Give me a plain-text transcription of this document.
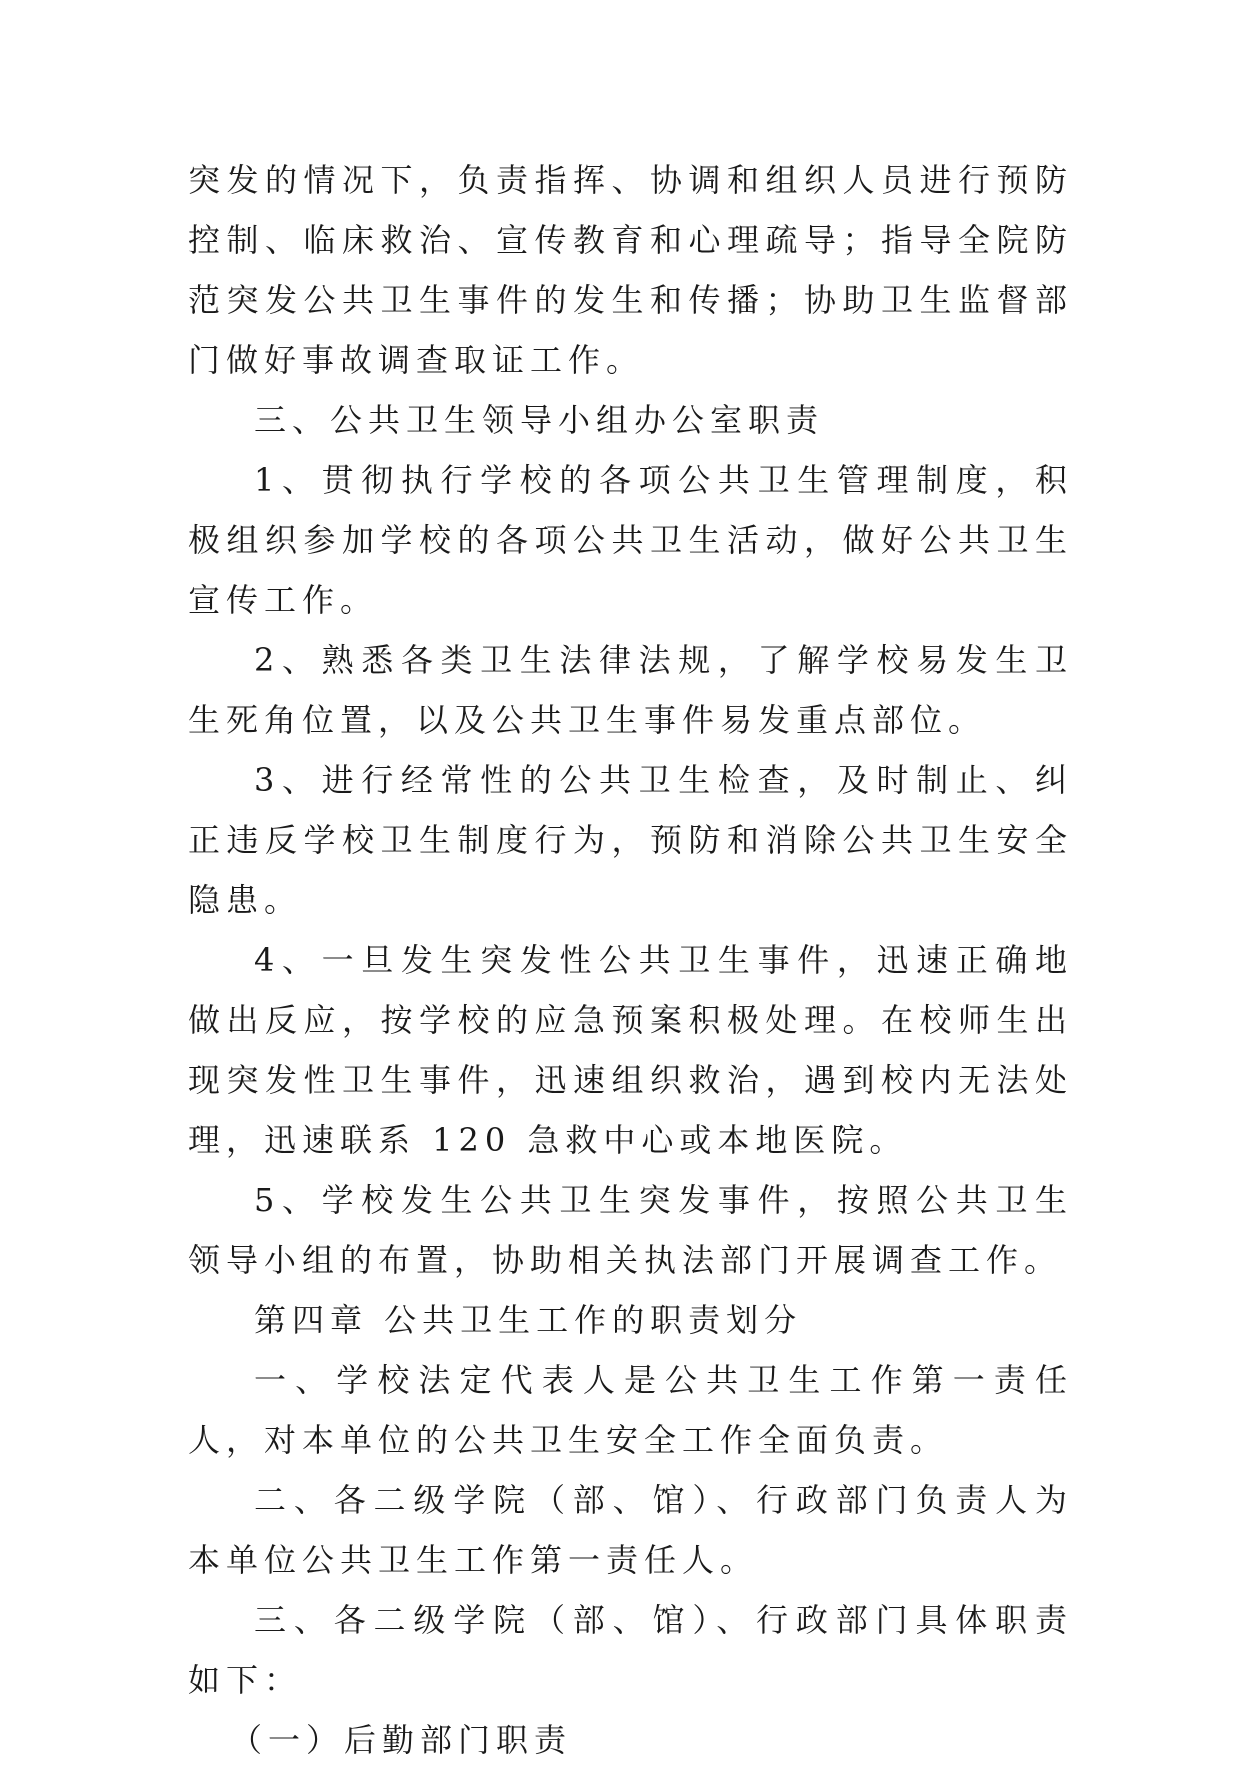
突发的情况下，负责指挥、协调和组织人员进行预防控制、临床救治、宣传教育和心理疏导；指导全院防范突发公共卫生事件的发生和传播；协助卫生监督部门做好事故调查取证工作。

三、公共卫生领导小组办公室职责

1、贯彻执行学校的各项公共卫生管理制度，积极组织参加学校的各项公共卫生活动，做好公共卫生宣传工作。

2、熟悉各类卫生法律法规，了解学校易发生卫生死角位置，以及公共卫生事件易发重点部位。

3、进行经常性的公共卫生检查，及时制止、纠正违反学校卫生制度行为，预防和消除公共卫生安全隐患。

4、一旦发生突发性公共卫生事件，迅速正确地做出反应，按学校的应急预案积极处理。在校师生出现突发性卫生事件，迅速组织救治，遇到校内无法处理，迅速联系 120 急救中心或本地医院。

5、学校发生公共卫生突发事件，按照公共卫生领导小组的布置，协助相关执法部门开展调查工作。

第四章 公共卫生工作的职责划分

一、学校法定代表人是公共卫生工作第一责任人，对本单位的公共卫生安全工作全面负责。

二、各二级学院（部、馆）、行政部门负责人为本单位公共卫生工作第一责任人。

三、各二级学院（部、馆）、行政部门具体职责如下：

（一）后勤部门职责
